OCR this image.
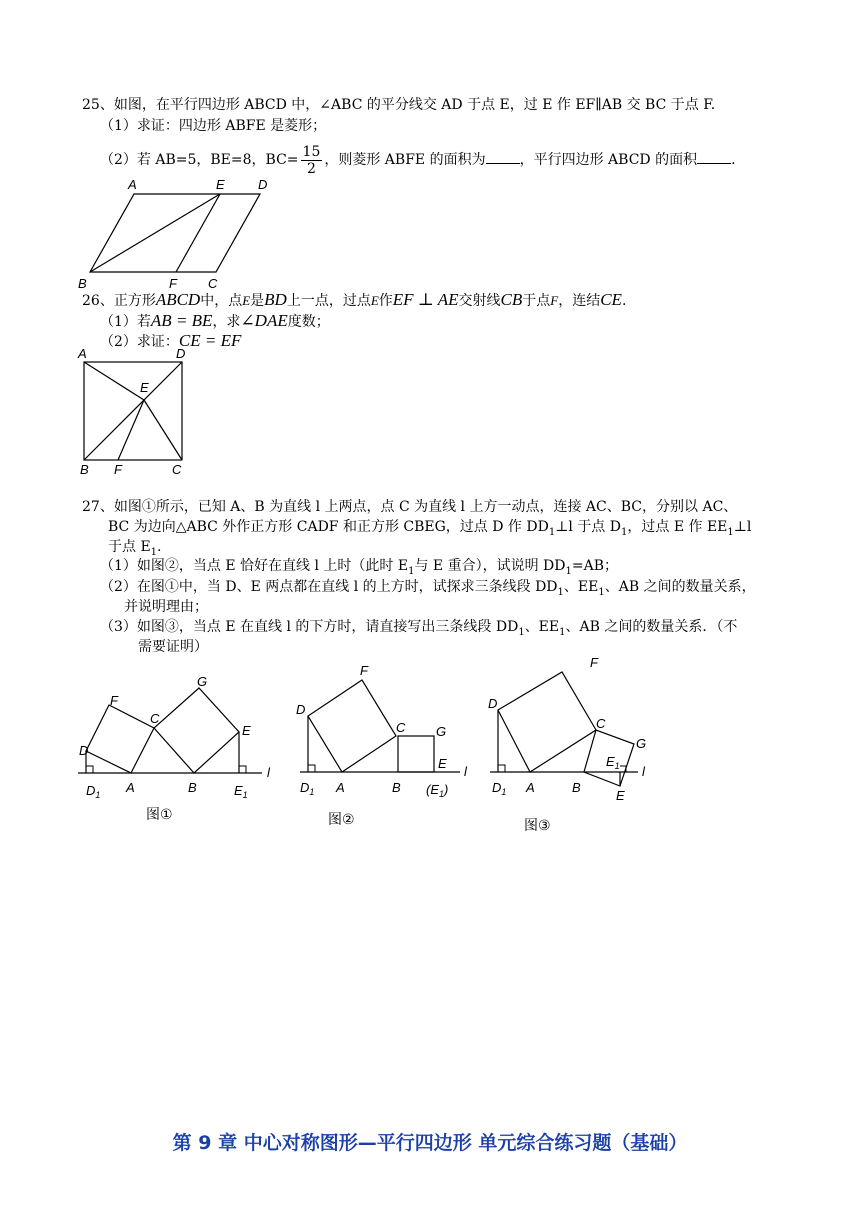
25、如图，在平行四边形 ABCD 中，∠ABC 的平分线交 AD 于点 E，过 E 作 EF∥AB 交 BC 于点 F.
（1）求证：四边形 ABFE 是菱形；
（2）若 AB=5，BE=8，$BC= \frac{15}{2}$ ，则菱形 ABFE 的面积为 ，平行四边形 ABCD 的面积 .
A	E	D
B	F C
26、正方形ABCD中，点E是BD上一点，过点E作EF ⊥ AE交射线CB于点F，连结CE.
（1）若AB = BE，求∠DAE度数；
（2）求证：CE = EF
A	D
E
B F	C
27、如图①所示，已知 A、B 为直线 l 上两点，点 C 为直线 l 上方一动点，连接 AC、BC，分别以 AC、
BC 为边向△ABC 外作正方形 CADF 和正方形 CBEG，过点 D 作 $DD_1\perp l$ 于点 $D_1$，过点 E 作 $EE_1\perp l$
于点 $E_1$.
（1）如图②，当点 E 恰好在直线 l 上时（此时 $E_1$与 E 重合），试说明 $DD_1=AB$；
（2）在图①中，当 D、E 两点都在直线 l 的上方时，试探求三条线段 $DD_1$、$EE_1$、AB 之间的数量关系，
并说明理由；
（3）如图③，当点 E 在直线 l 的下方时，请直接写出三条线段 $DD_1$、$EE_1$、AB 之间的数量关系．（不
需要证明）
F
G
C
E
D
l
$D_1$ A	B	$E_1$
图①
F
D
C G
E
l
$D_1$ A	B $(E_1)$
图②
F
D
C
G
$E_1$ l
$D_1$ A	B
E
图③
第 9 章 中心对称图形—平行四边形 单元综合练习题（基础）
